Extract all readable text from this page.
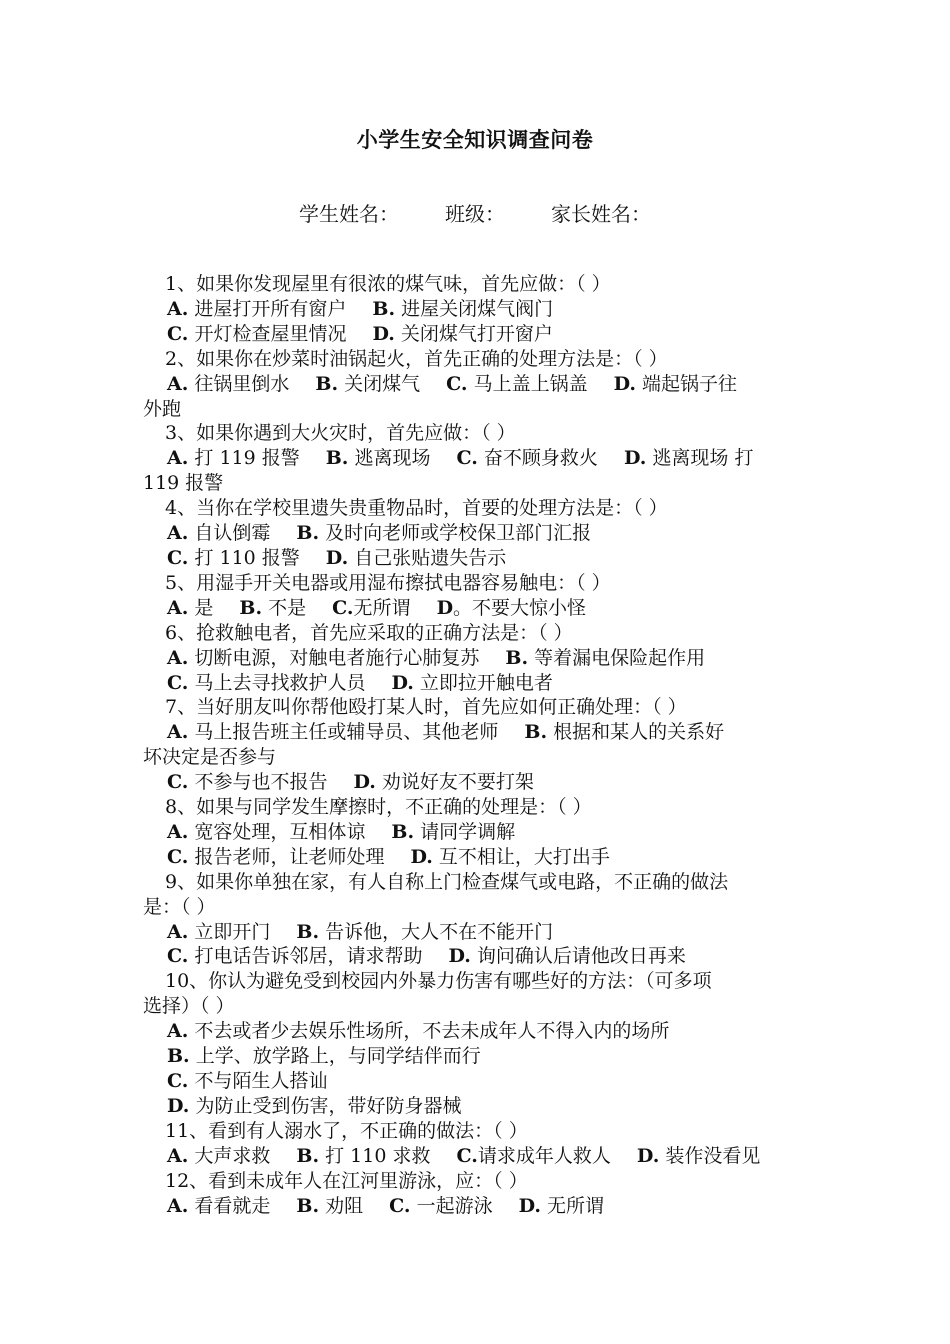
小学生安全知识调查问卷
学生姓名： 班级： 家长姓名：
1、如果你发现屋里有很浓的煤气味，首先应做：（ ）
A. 进屋打开所有窗户 B. 进屋关闭煤气阀门
C. 开灯检查屋里情况 D. 关闭煤气打开窗户
2、如果你在炒菜时油锅起火，首先正确的处理方法是：（ ）
A. 往锅里倒水 B. 关闭煤气 C. 马上盖上锅盖 D. 端起锅子往
外跑
3、如果你遇到大火灾时，首先应做：（ ）
A. 打 119 报警 B. 逃离现场 C. 奋不顾身救火 D. 逃离现场 打
119 报警
4、当你在学校里遗失贵重物品时，首要的处理方法是：（ ）
A. 自认倒霉 B. 及时向老师或学校保卫部门汇报
C. 打 110 报警 D. 自己张贴遗失告示
5、用湿手开关电器或用湿布擦拭电器容易触电：（ ）
A. 是 B. 不是 C.无所谓 D。不要大惊小怪
6、抢救触电者，首先应采取的正确方法是：（ ）
A. 切断电源，对触电者施行心肺复苏 B. 等着漏电保险起作用
C. 马上去寻找救护人员 D. 立即拉开触电者
7、当好朋友叫你帮他殴打某人时，首先应如何正确处理：（ ）
A. 马上报告班主任或辅导员、其他老师 B. 根据和某人的关系好
坏决定是否参与
C. 不参与也不报告 D. 劝说好友不要打架
8、如果与同学发生摩擦时，不正确的处理是：（ ）
A. 宽容处理，互相体谅 B. 请同学调解
C. 报告老师，让老师处理 D. 互不相让，大打出手
9、如果你单独在家，有人自称上门检查煤气或电路，不正确的做法
是：（ ）
A. 立即开门 B. 告诉他，大人不在不能开门
C. 打电话告诉邻居，请求帮助 D. 询问确认后请他改日再来
10、你认为避免受到校园内外暴力伤害有哪些好的方法：（可多项
选择）（ ）
A. 不去或者少去娱乐性场所，不去未成年人不得入内的场所
B. 上学、放学路上，与同学结伴而行
C. 不与陌生人搭讪
D. 为防止受到伤害，带好防身器械
11、看到有人溺水了，不正确的做法：（ ）
A. 大声求救 B. 打 110 求救 C.请求成年人救人 D. 装作没看见
12、看到未成年人在江河里游泳，应：（ ）
A. 看看就走 B. 劝阻 C. 一起游泳 D. 无所谓
